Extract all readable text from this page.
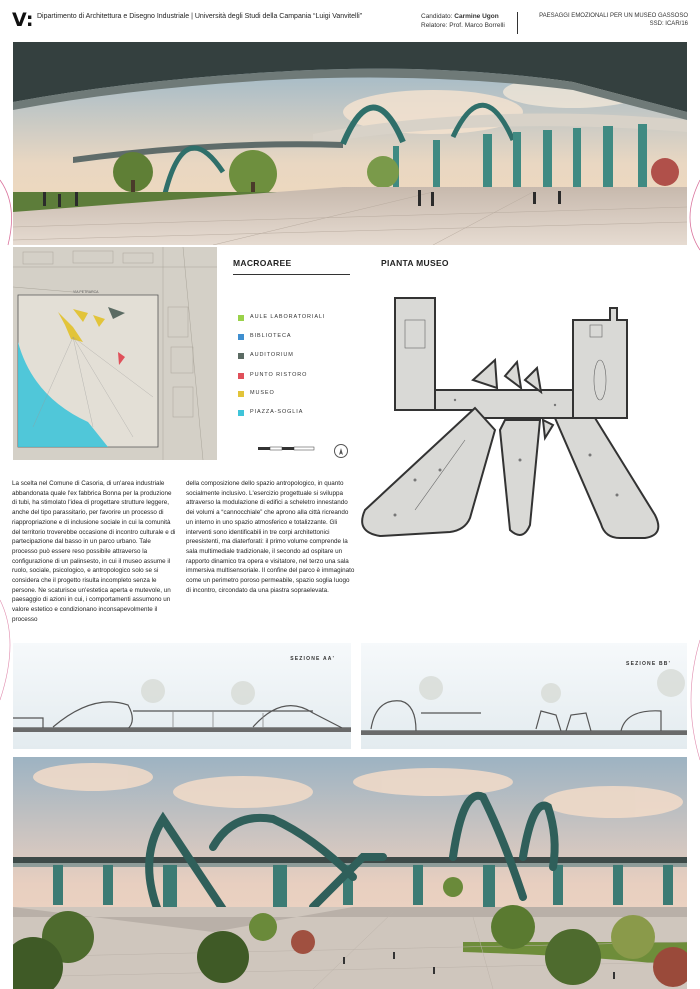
V: Dipartimento di Architettura e Disegno Industriale | Università degli Studi della Campania “Luigi Vanvitelli”	Candidato: Carmine Ugon
Relatore: Prof. Marco Borrelli
PAESAGGI EMOZIONALI PER UN MUSEO GASSOSO
SSD: ICAR/16
VIA PETRARCA
MACROAREE
AULE LABORATORIALI
BIBLIOTECA
AUDITORIUM
PUNTO RISTORO
MUSEO
PIAZZA-SOGLIA
PIANTA MUSEO
La scelta nel Comune di Casoria, di un'area industriale abbandonata quale l'ex fabbrica Bonna per la produzione di tubi, ha stimolato l'idea di progettare strutture leggere, anche del tipo parassitario, per favorire un processo di riappropriazione e di inclusione sociale in cui la comunità del territorio troverebbe occasione di incontro culturale e di partecipazione dal basso in un parco urbano. Tale processo può essere reso possibile attraverso la configurazione di un palinsesto, in cui il museo assume il ruolo, sociale, psicologico, e antropologico solo se si considera che il progetto risulta incompleto senza le persone. Ne scaturisce un'estetica aperta e mutevole, un paesaggio di azioni in cui, i comportamenti assumono un valore estetico e condizionano inconsapevolmente il processo
della composizione dello spazio antropologico, in quanto socialmente inclusivo. L'esercizio progettuale si sviluppa attraverso la modulazione di edifici a scheletro innestando dei volumi a “cannocchiale” che aprono alla città ricreando un interno in uno spazio atmosferico e totalizzante. Gli interventi sono identificabili in tre corpi architettonici preesistenti, ma diaterforati: il primo volume comprende la sala multimediale tradizionale, il secondo ad ospitare un rapporto dinamico tra opera e visitatore, nel terzo una sala immersiva multisensoriale. Il confine del parco è immaginato come un perimetro poroso permeabile, spazio soglia luogo di incontro, circondato da una piastra sopraelevata.
SEZIONE AA'
SEZIONE BB'
